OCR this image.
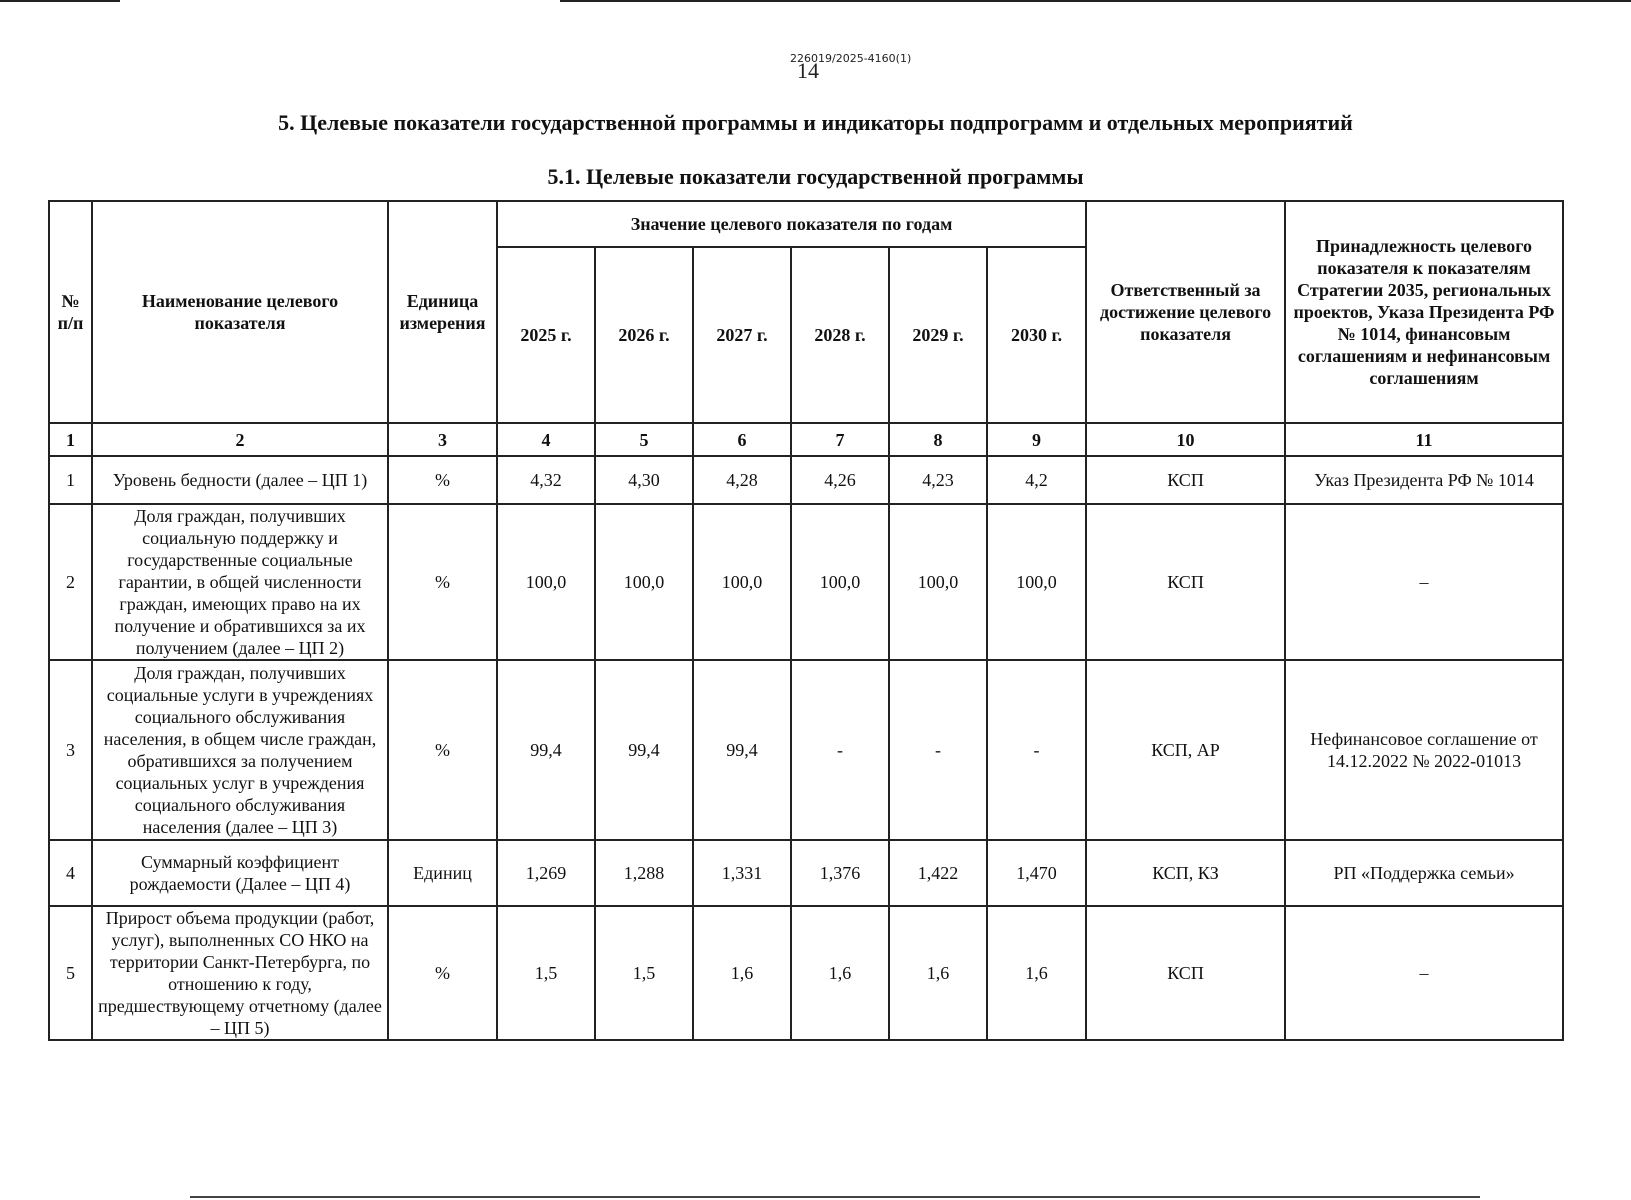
226019/2025-4160(1)
14
5. Целевые показатели государственной программы и индикаторы подпрограмм и отдельных мероприятий
5.1. Целевые показатели государственной программы
№ п/п	Наименование целевого показателя	Единица измерения	Значение целевого показателя по годам						Ответственный за достижение целевого показателя	Принадлежность целевого показателя к показателям Стратегии 2035, региональных проектов, Указа Президента РФ № 1014, финансовым соглашениям и нефинансовым соглашениям
			2025 г.	2026 г.	2027 г.	2028 г.	2029 г.	2030 г.		
1	2	3	4	5	6	7	8	9	10	11
1	Уровень бедности (далее – ЦП 1)	%	4,32	4,30	4,28	4,26	4,23	4,2	КСП	Указ Президента РФ № 1014
2	Доля граждан, получивших социальную поддержку и государственные социальные гарантии, в общей численности граждан, имеющих право на их получение и обратившихся за их получением (далее – ЦП 2)	%	100,0	100,0	100,0	100,0	100,0	100,0	КСП	–
3	Доля граждан, получивших социальные услуги в учреждениях социального обслуживания населения, в общем числе граждан, обратившихся за получением социальных услуг в учреждения социального обслуживания населения (далее – ЦП 3)	%	99,4	99,4	99,4	-	-	-	КСП, АР	Нефинансовое соглашение от 14.12.2022 № 2022-01013
4	Суммарный коэффициент рождаемости (Далее – ЦП 4)	Единиц	1,269	1,288	1,331	1,376	1,422	1,470	КСП, КЗ	РП «Поддержка семьи»
5	Прирост объема продукции (работ, услуг), выполненных СО НКО на территории Санкт-Петербурга, по отношению к году, предшествующему отчетному (далее – ЦП 5)	%	1,5	1,5	1,6	1,6	1,6	1,6	КСП	–
